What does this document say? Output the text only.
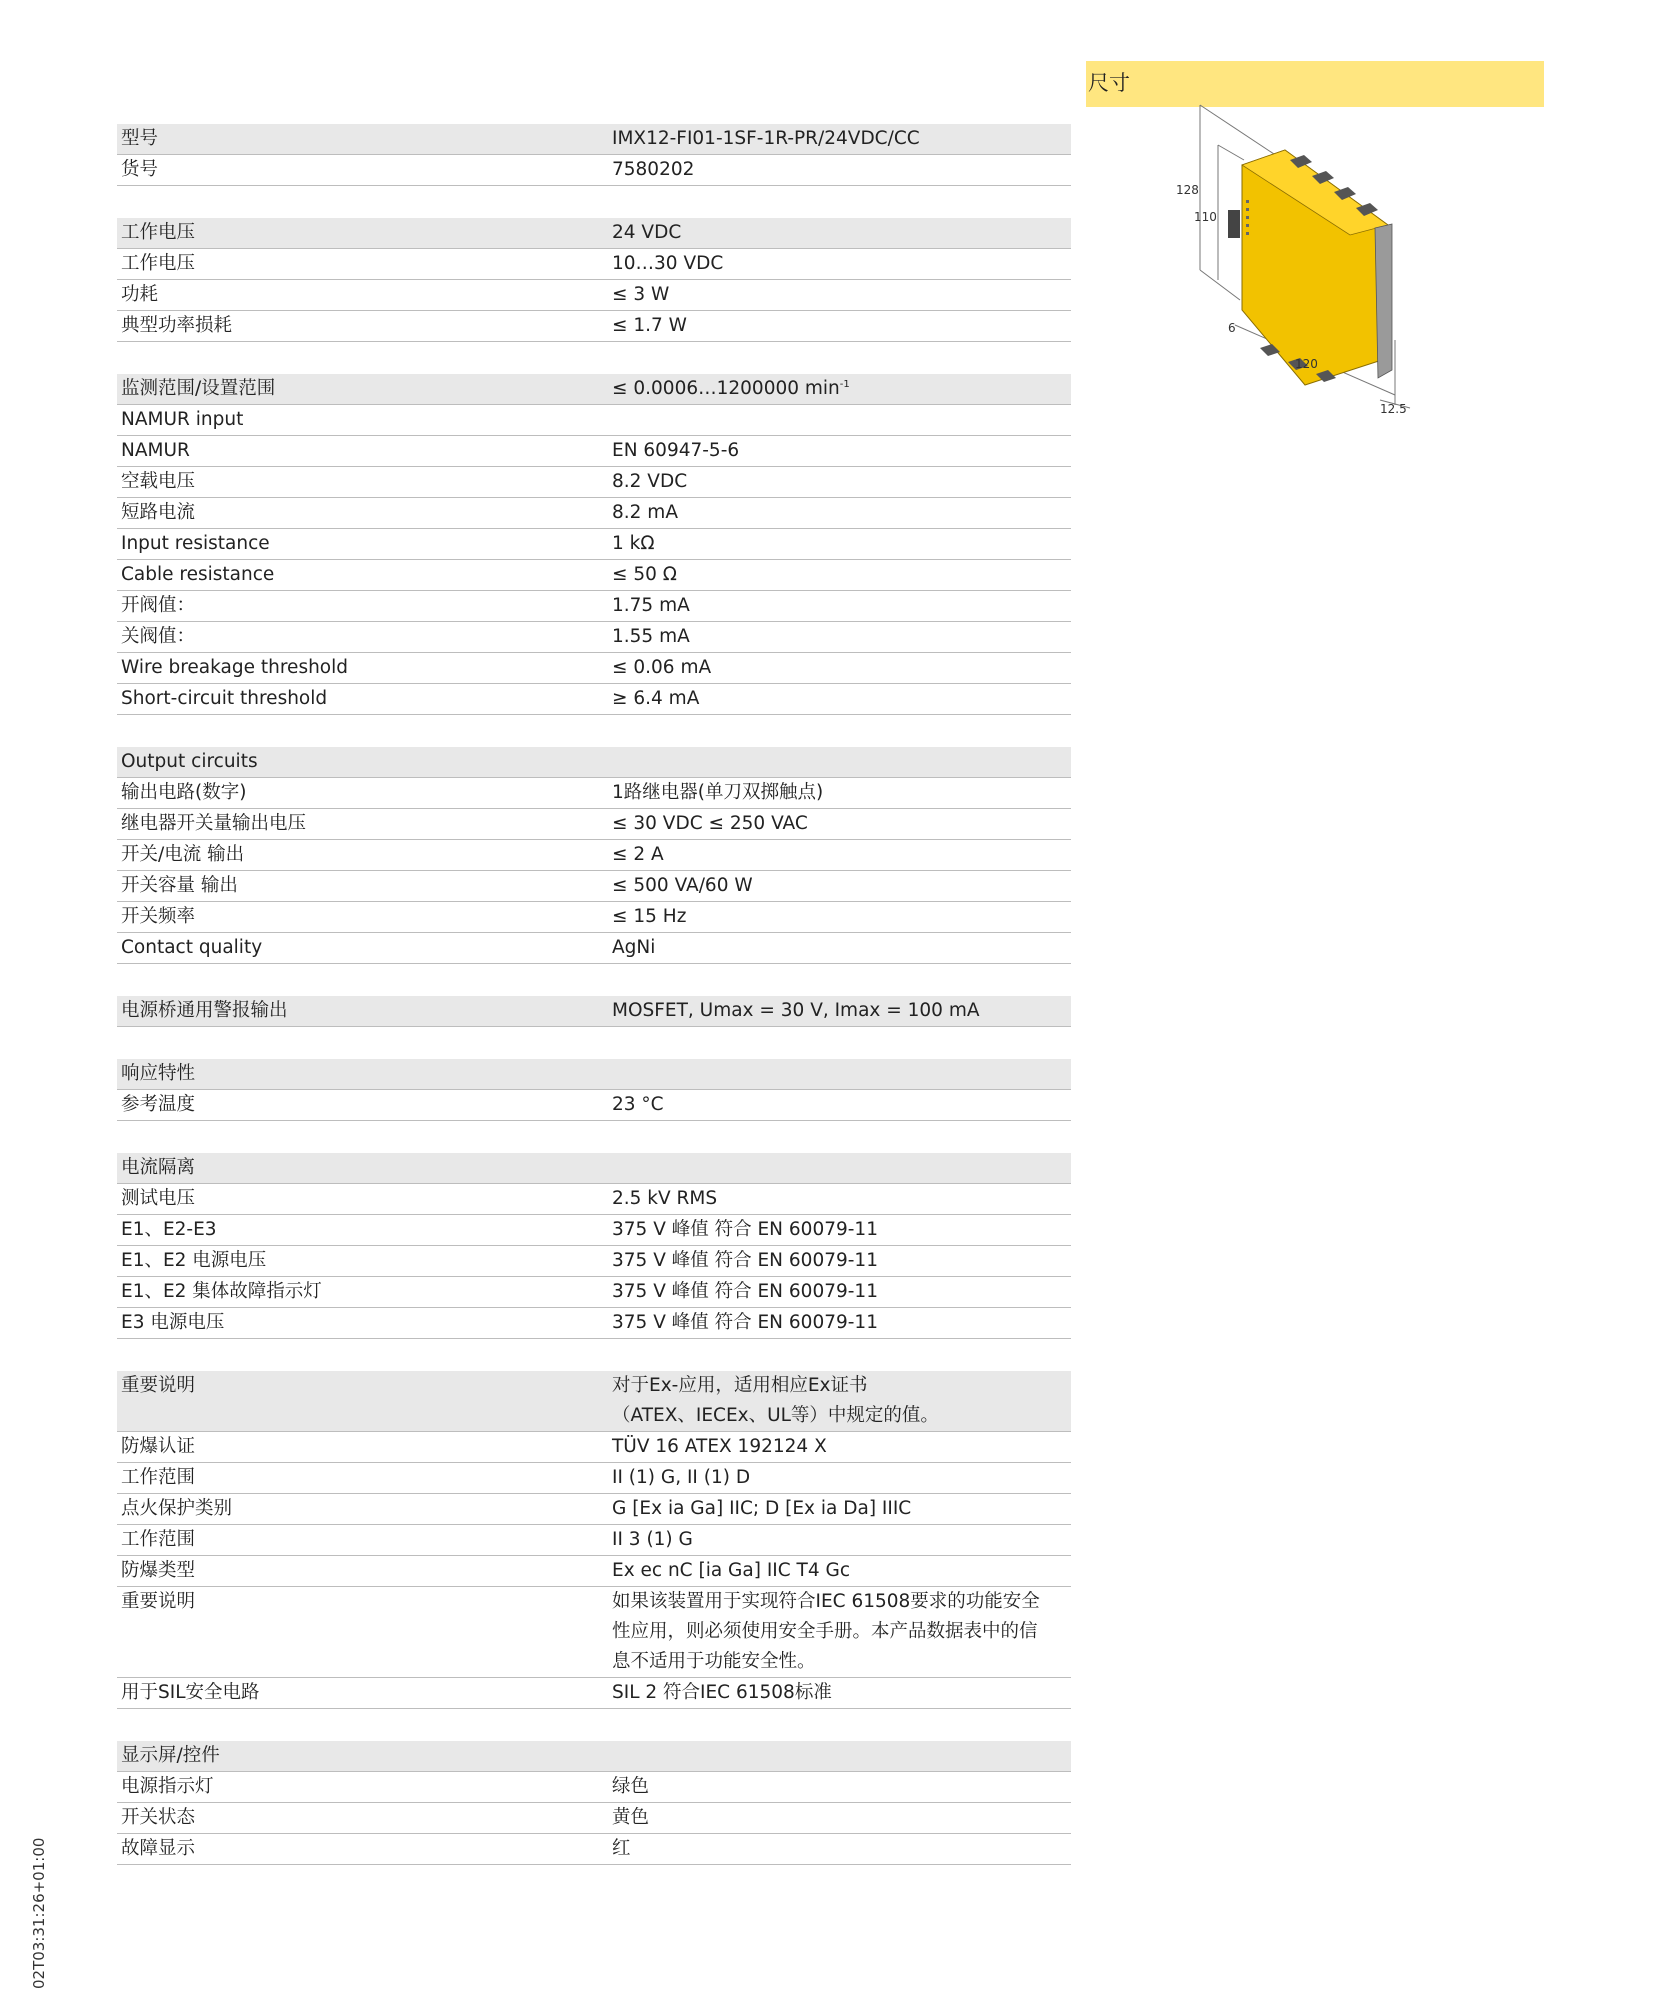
尺寸
128
110
6
120
12.5
型号	IMX12-FI01-1SF-1R-PR/24VDC/CC
货号	7580202
工作电压	24 VDC
工作电压	10…30 VDC
功耗	≤ 3 W
典型功率损耗	≤ 1.7 W
监测范围/设置范围	≤ 0.0006…1200000 $\min^{-1}$
NAMUR input
NAMUR	EN 60947-5-6
空载电压	8.2 VDC
短路电流	8.2 mA
Input resistance	1 kΩ
Cable resistance	≤ 50 Ω
开阀值：	1.75 mA
关阀值：	1.55 mA
Wire breakage threshold	≤ 0.06 mA
Short-circuit threshold	≥ 6.4 mA
Output circuits
输出电路(数字)	1路继电器(单刀双掷触点)
继电器开关量输出电压	≤ 30 VDC ≤ 250 VAC
开关/电流 输出	≤ 2 A
开关容量 输出	≤ 500 VA/60 W
开关频率	≤ 15 Hz
Contact quality	AgNi
电源桥通用警报输出	MOSFET, Umax = 30 V, Imax = 100 mA
响应特性
参考温度	23 °C
电流隔离
测试电压	2.5 kV RMS
E1、E2-E3	375 V 峰值 符合 EN 60079-11
E1、E2 电源电压	375 V 峰值 符合 EN 60079-11
E1、E2 集体故障指示灯	375 V 峰值 符合 EN 60079-11
E3 电源电压	375 V 峰值 符合 EN 60079-11
重要说明	对于Ex-应用，适用相应Ex证书
（ATEX、IECEx、UL等）中规定的值。
防爆认证	TÜV 16 ATEX 192124 X
工作范围	II (1) G, II (1) D
点火保护类别	G [Ex ia Ga] IIC; D [Ex ia Da] IIIC
工作范围	II 3 (1) G
防爆类型	Ex ec nC [ia Ga] IIC T4 Gc
重要说明	如果该装置用于实现符合IEC 61508要求的功能安全
性应用，则必须使用安全手册。本产品数据表中的信
息不适用于功能安全性。
用于SIL安全电路	SIL 2 符合IEC 61508标准
显示屏/控件
电源指示灯	绿色
开关状态	黄色
故障显示	红
02T03:31:26+01:00
